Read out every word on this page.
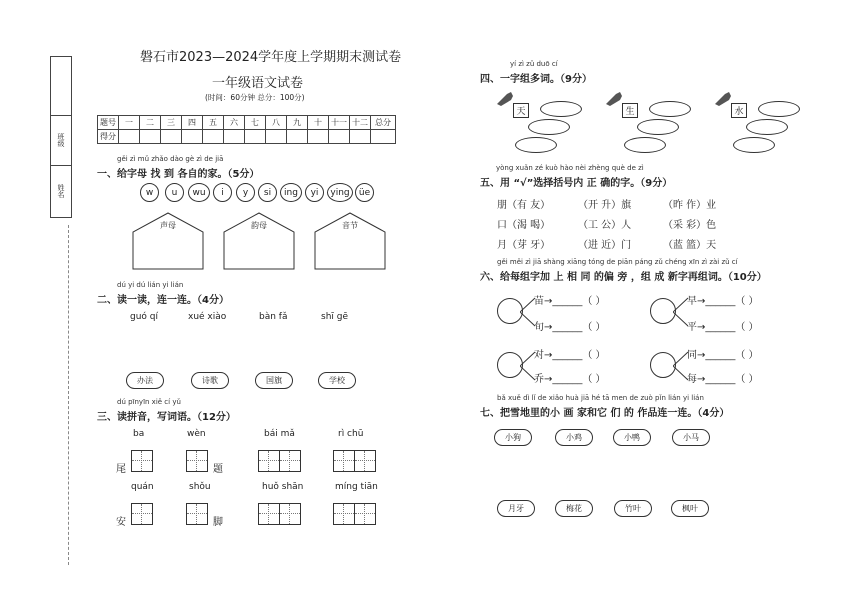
班级
姓名
磐石市2023—2024学年度上学期期末测试卷
一年级语文试卷
(时间：60分钟 总分：100分)
题号	一	二	三	四	五	六	七	八	九	十	十一	十二	总分
得分													
gěi zì mǔ zhǎo dào gè zì de jiā
一、给字母 找 到 各自的家。（5分）
w	u	wu	i	y	si	ing	yi	ying	üe
声母	韵母	音节
dú yi dú lián yi lián
二、读一读，连一连。（4分）
guó qí	xué xiào	bàn fǎ	shī gē
办法	诗歌	国旗	学校
dú pīnyīn xiě cí yǔ
三、读拼音，写词语。（12分）
ba	wèn	bái mǎ	rì chū
尾	题
quán	shǒu	huǒ shān	míng tiān
安	脚
yí zì zǔ duō cí
四、一字组多词。（9分）
天	生	水
yòng xuǎn zé kuò hào nèi zhèng què de zì
五、用 “√”选择括号内 正 确的字。（9分）
朋（有 友）	（开 升）旗	（昨 作）业
口（渴 喝）	（工 公）人	（采 彩）色
月（芽 牙）	（进 近）门	（蓝 篮）天
gěi měi zì jiā shàng xiāng tóng de piān páng zǔ chéng xīn zì zài zǔ cí
六、给每组字加 上 相 同 的偏 旁 ，组 成 新字再组词。（10分）
苗→______（ ）
旬→______（ ）
早→______（ ）
平→______（ ）
对→______（ ）
乔→______（ ）
同→______（ ）
每→______（ ）
bǎ xuě dì lǐ de xiǎo huà jiā hé tā men de zuò pǐn lián yi lián
七、把雪地里的小 画 家和它 们 的 作品连一连。（4分）
小狗	小鸡	小鸭	小马
月牙	梅花	竹叶	枫叶
